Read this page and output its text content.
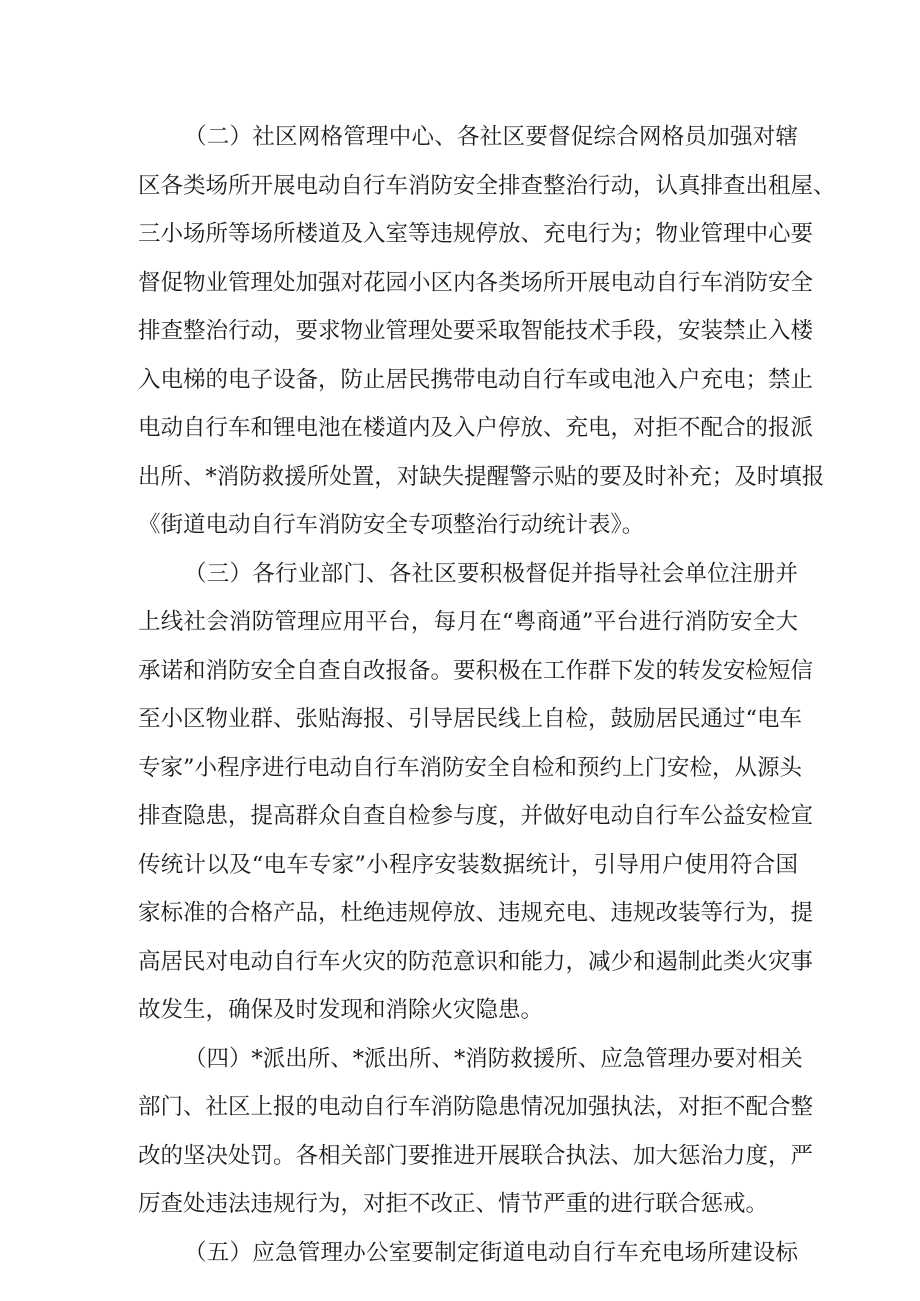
（二）社区网格管理中心、各社区要督促综合网格员加强对辖
区各类场所开展电动自行车消防安全排查整治行动，认真排查出租屋、
三小场所等场所楼道及入室等违规停放、充电行为；物业管理中心要
督促物业管理处加强对花园小区内各类场所开展电动自行车消防安全
排查整治行动，要求物业管理处要采取智能技术手段，安装禁止入楼
入电梯的电子设备，防止居民携带电动自行车或电池入户充电；禁止
电动自行车和锂电池在楼道内及入户停放、充电，对拒不配合的报派
出所、*消防救援所处置，对缺失提醒警示贴的要及时补充；及时填报
《街道电动自行车消防安全专项整治行动统计表》。
（三）各行业部门、各社区要积极督促并指导社会单位注册并
上线社会消防管理应用平台，每月在“粤商通”平台进行消防安全大
承诺和消防安全自查自改报备。要积极在工作群下发的转发安检短信
至小区物业群、张贴海报、引导居民线上自检，鼓励居民通过“电车
专家”小程序进行电动自行车消防安全自检和预约上门安检，从源头
排查隐患，提高群众自查自检参与度，并做好电动自行车公益安检宣
传统计以及“电车专家”小程序安装数据统计，引导用户使用符合国
家标准的合格产品，杜绝违规停放、违规充电、违规改装等行为，提
高居民对电动自行车火灾的防范意识和能力，减少和遏制此类火灾事
故发生，确保及时发现和消除火灾隐患。
（四）*派出所、*派出所、*消防救援所、应急管理办要对相关
部门、社区上报的电动自行车消防隐患情况加强执法，对拒不配合整
改的坚决处罚。各相关部门要推进开展联合执法、加大惩治力度，严
厉查处违法违规行为，对拒不改正、情节严重的进行联合惩戒。
（五）应急管理办公室要制定街道电动自行车充电场所建设标
